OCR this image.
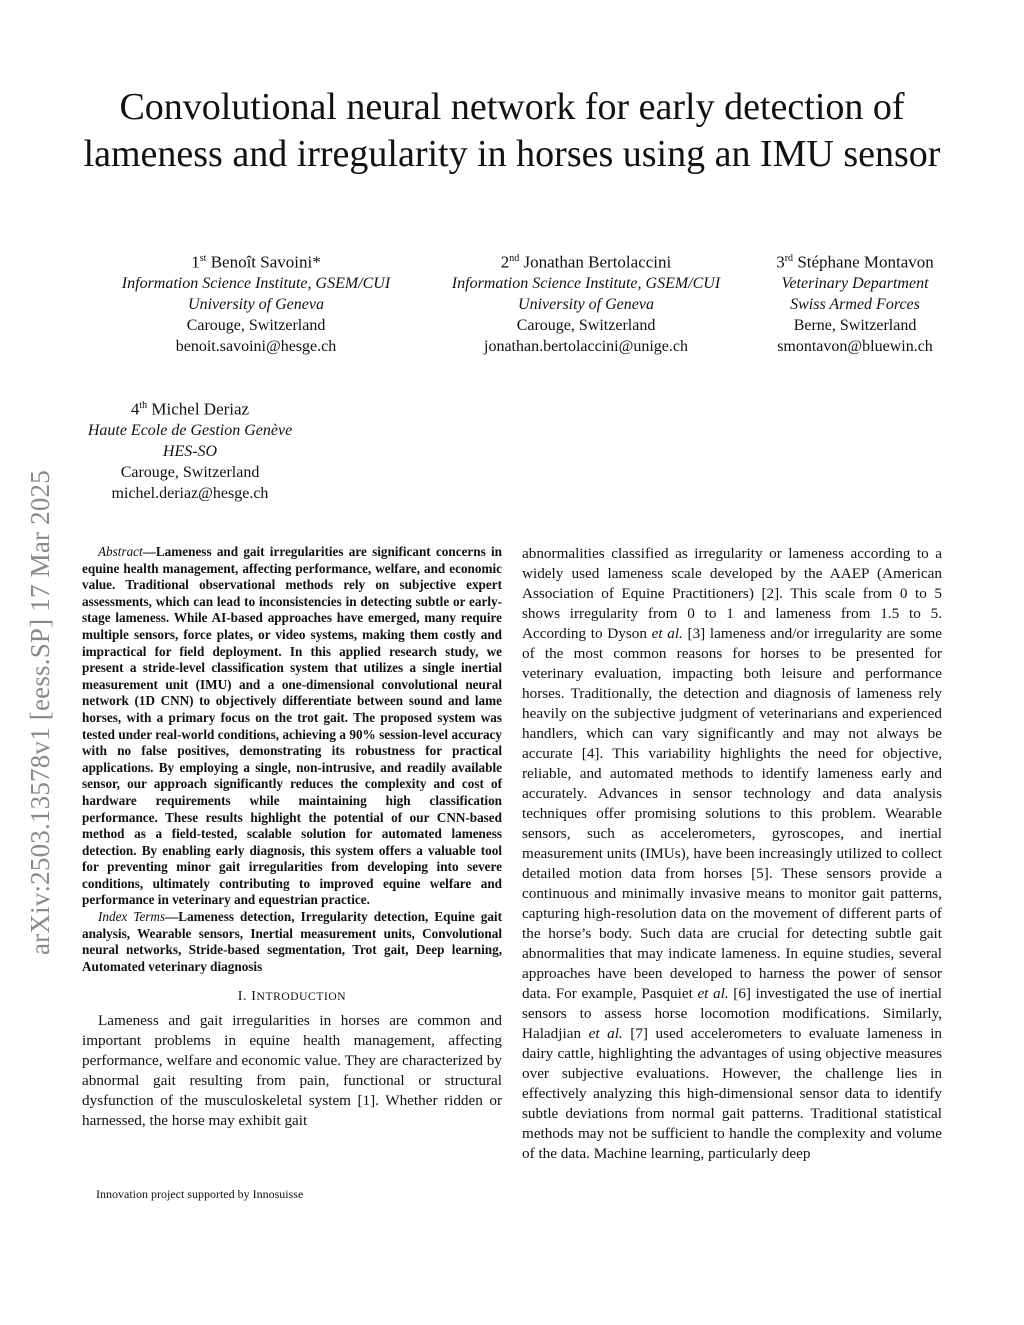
arXiv:2503.13578v1 [eess.SP] 17 Mar 2025
Convolutional neural network for early detection of lameness and irregularity in horses using an IMU sensor
1st Benoît Savoini*
Information Science Institute, GSEM/CUI
University of Geneva
Carouge, Switzerland
benoit.savoini@hesge.ch
2nd Jonathan Bertolaccini
Information Science Institute, GSEM/CUI
University of Geneva
Carouge, Switzerland
jonathan.bertolaccini@unige.ch
3rd Stéphane Montavon
Veterinary Department
Swiss Armed Forces
Berne, Switzerland
smontavon@bluewin.ch
4th Michel Deriaz
Haute Ecole de Gestion Genève
HES-SO
Carouge, Switzerland
michel.deriaz@hesge.ch

Abstract—Lameness and gait irregularities are significant concerns in equine health management, affecting performance, welfare, and economic value. Traditional observational methods rely on subjective expert assessments, which can lead to inconsistencies in detecting subtle or early-stage lameness. While AI-based approaches have emerged, many require multiple sensors, force plates, or video systems, making them costly and impractical for field deployment. In this applied research study, we present a stride-level classification system that utilizes a single inertial measurement unit (IMU) and a one-dimensional convolutional neural network (1D CNN) to objectively differentiate between sound and lame horses, with a primary focus on the trot gait. The proposed system was tested under real-world conditions, achieving a 90% session-level accuracy with no false positives, demonstrating its robustness for practical applications. By employing a single, non-intrusive, and readily available sensor, our approach significantly reduces the complexity and cost of hardware requirements while maintaining high classification performance. These results highlight the potential of our CNN-based method as a field-tested, scalable solution for automated lameness detection. By enabling early diagnosis, this system offers a valuable tool for preventing minor gait irregularities from developing into severe conditions, ultimately contributing to improved equine welfare and performance in veterinary and equestrian practice.

Index Terms—Lameness detection, Irregularity detection, Equine gait analysis, Wearable sensors, Inertial measurement units, Convolutional neural networks, Stride-based segmentation, Trot gait, Deep learning, Automated veterinary diagnosis

I. INTRODUCTION

Lameness and gait irregularities in horses are common and important problems in equine health management, affecting performance, welfare and economic value. They are characterized by abnormal gait resulting from pain, functional or structural dysfunction of the musculoskeletal system [1]. Whether ridden or harnessed, the horse may exhibit gait

Innovation project supported by Innosuisse

abnormalities classified as irregularity or lameness according to a widely used lameness scale developed by the AAEP (American Association of Equine Practitioners) [2]. This scale from 0 to 5 shows irregularity from 0 to 1 and lameness from 1.5 to 5. According to Dyson et al. [3] lameness and/or irregularity are some of the most common reasons for horses to be presented for veterinary evaluation, impacting both leisure and performance horses. Traditionally, the detection and diagnosis of lameness rely heavily on the subjective judgment of veterinarians and experienced handlers, which can vary significantly and may not always be accurate [4]. This variability highlights the need for objective, reliable, and automated methods to identify lameness early and accurately. Advances in sensor technology and data analysis techniques offer promising solutions to this problem. Wearable sensors, such as accelerometers, gyroscopes, and inertial measurement units (IMUs), have been increasingly utilized to collect detailed motion data from horses [5]. These sensors provide a continuous and minimally invasive means to monitor gait patterns, capturing high-resolution data on the movement of different parts of the horse’s body. Such data are crucial for detecting subtle gait abnormalities that may indicate lameness. In equine studies, several approaches have been developed to harness the power of sensor data. For example, Pasquiet et al. [6] investigated the use of inertial sensors to assess horse locomotion modifications. Similarly, Haladjian et al. [7] used accelerometers to evaluate lameness in dairy cattle, highlighting the advantages of using objective measures over subjective evaluations. However, the challenge lies in effectively analyzing this high-dimensional sensor data to identify subtle deviations from normal gait patterns. Traditional statistical methods may not be sufficient to handle the complexity and volume of the data. Machine learning, particularly deep
